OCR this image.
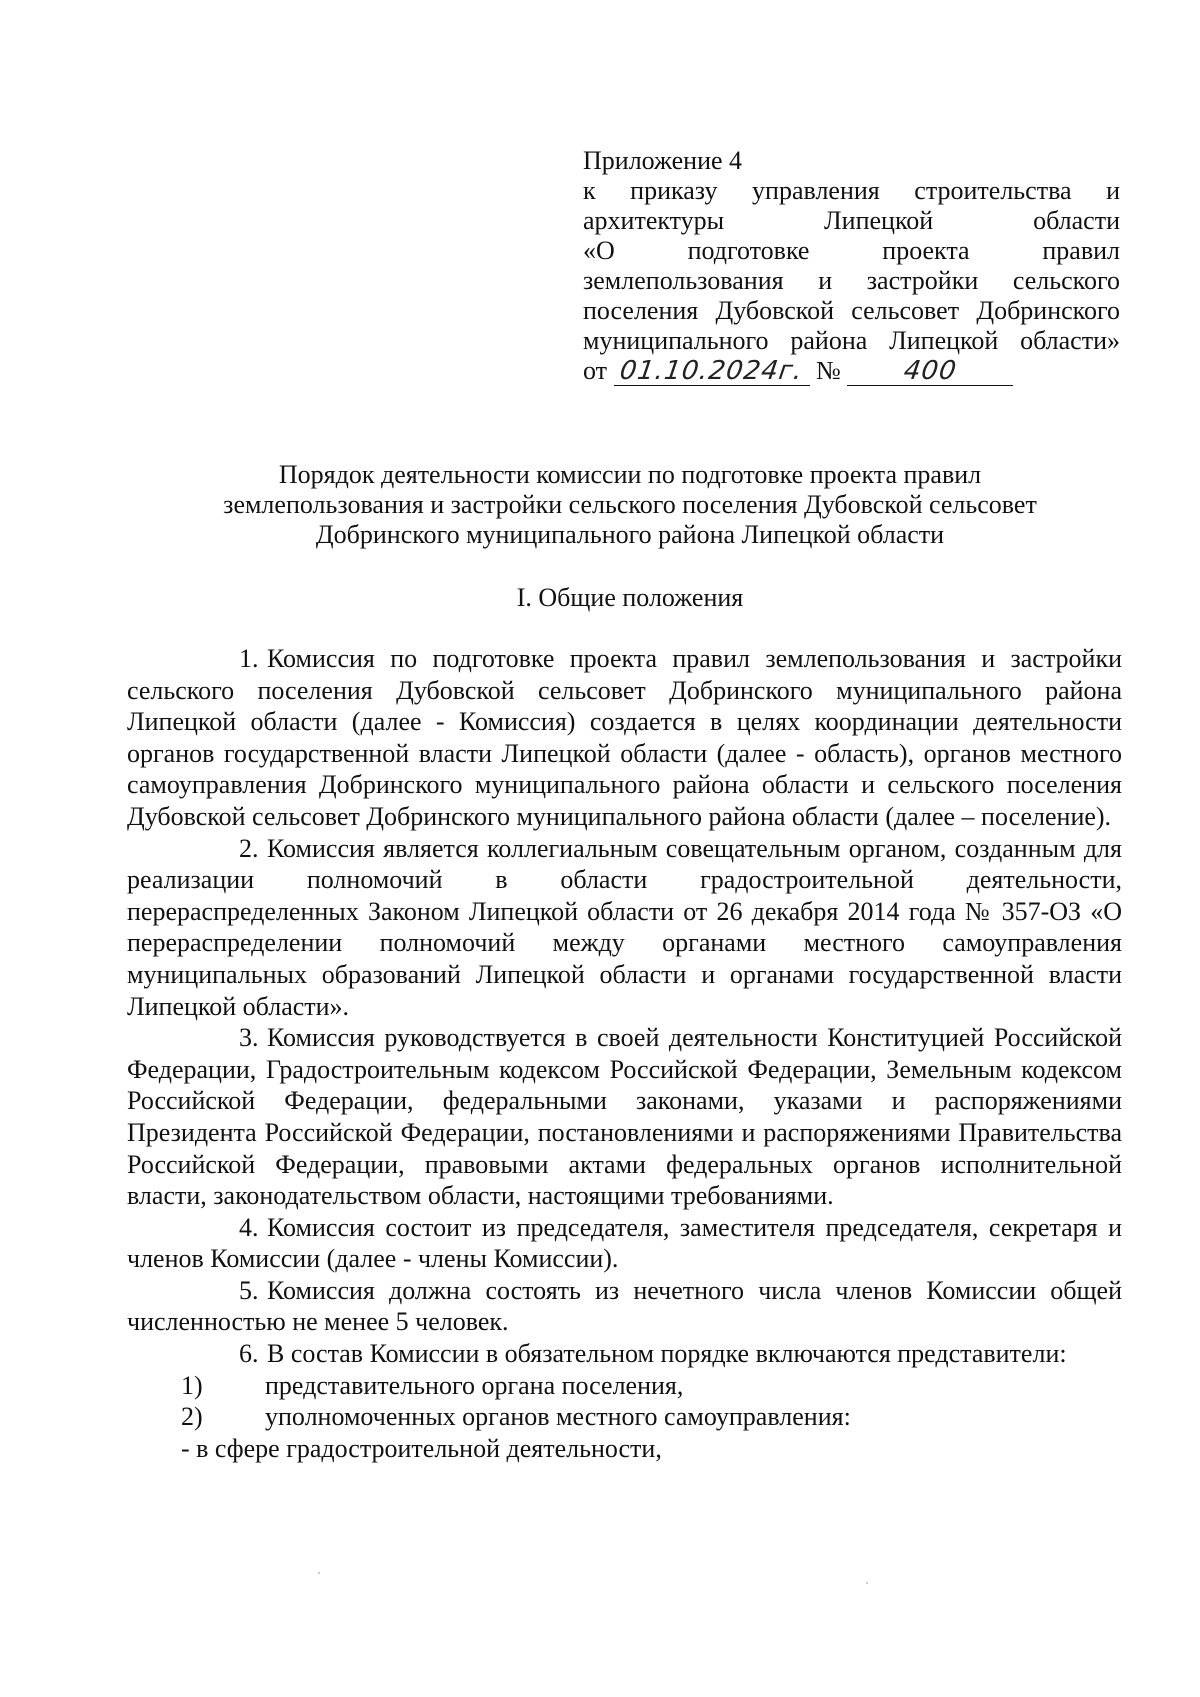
Приложение 4
к приказу управления строительства и
архитектуры Липецкой области
«О подготовке проекта правил
землепользования и застройки сельского
поселения Дубовской сельсовет Добринского
муниципального района Липецкой области»
от 01.10.2024г. № 400
Порядок деятельности комиссии по подготовке проекта правил
землепользования и застройки сельского поселения Дубовской сельсовет
Добринского муниципального района Липецкой области
I. Общие положения

1. Комиссия по подготовке проекта правил землепользования и застройки сельского поселения Дубовской сельсовет Добринского муниципального района Липецкой области (далее - Комиссия) создается в целях координации деятельности органов государственной власти Липецкой области (далее - область), органов местного самоуправления Добринского муниципального района области и сельского поселения Дубовской сельсовет Добринского муниципального района области (далее – поселение).

2. Комиссия является коллегиальным совещательным органом, созданным для реализации полномочий в области градостроительной деятельности, перераспределенных Законом Липецкой области от 26 декабря 2014 года № 357-ОЗ «О перераспределении полномочий между органами местного самоуправления муниципальных образований Липецкой области и органами государственной власти Липецкой области».

3. Комиссия руководствуется в своей деятельности Конституцией Российской Федерации, Градостроительным кодексом Российской Федерации, Земельным кодексом Российской Федерации, федеральными законами, указами и распоряжениями Президента Российской Федерации, постановлениями и распоряжениями Правительства Российской Федерации, правовыми актами федеральных органов исполнительной власти, законодательством области, настоящими требованиями.

4. Комиссия состоит из председателя, заместителя председателя, секретаря и членов Комиссии (далее - члены Комиссии).

5. Комиссия должна состоять из нечетного числа членов Комиссии общей численностью не менее 5 человек.

6. В состав Комиссии в обязательном порядке включаются представители:

1) представительного органа поселения,

2) уполномоченных органов местного самоуправления:

- в сфере градостроительной деятельности,
